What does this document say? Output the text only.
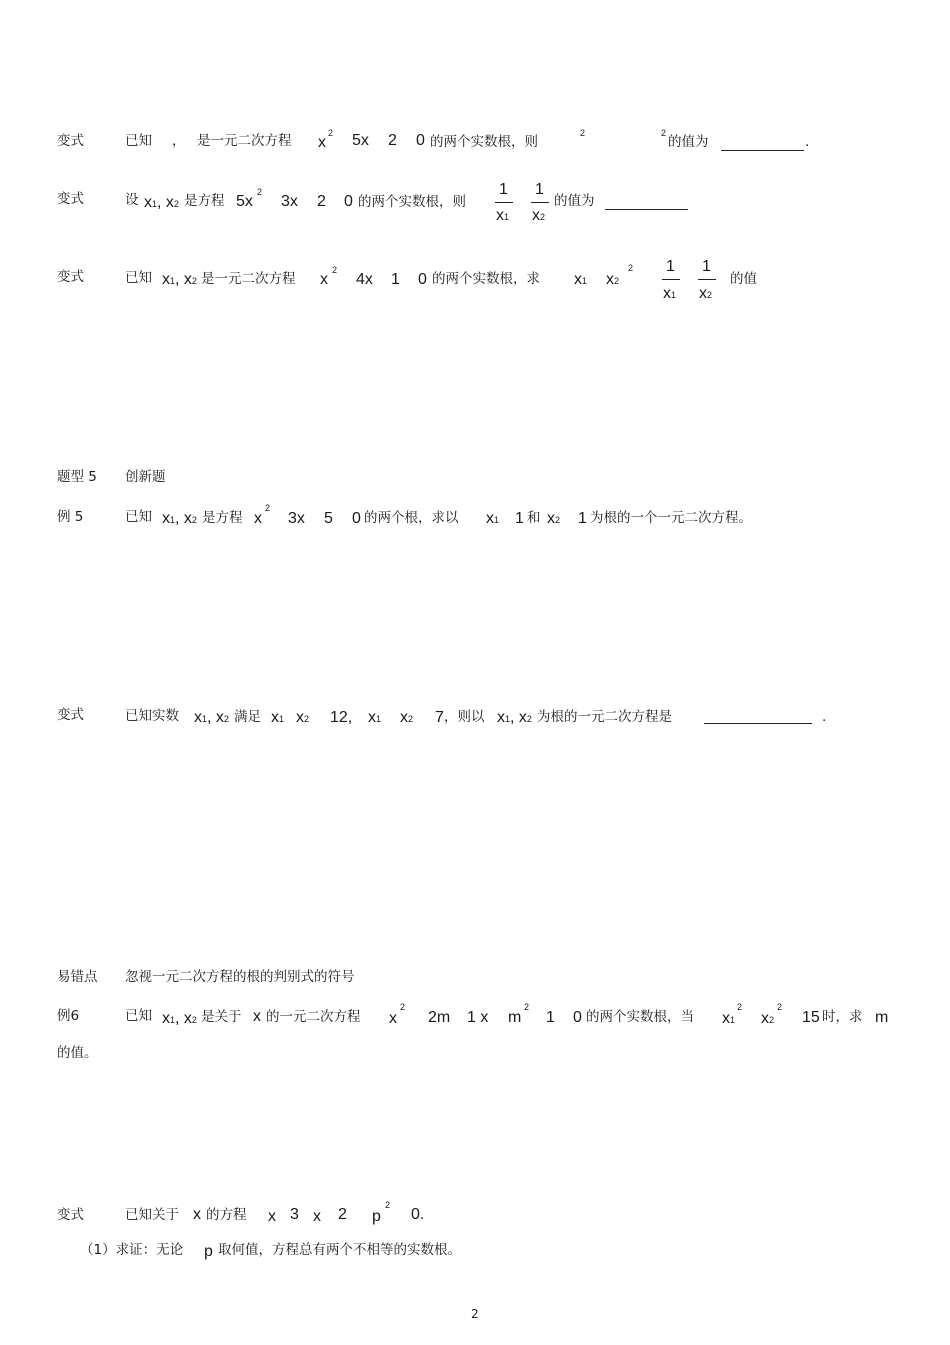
变式	已知 ， 是一元二次方程 x
2 5x 2 0 的两个实数根，则
2	2
的值为	.
变式	设 x1, x2 是方程 5x
2
3x 2 0 的两个实数根，则
1
x1
1
x2
的值为
变式	已知 x1, x2 是一元二次方程 x
2
4x 1 0 的两个实数根，求 x1 x2
2 1
x1
1
x2
的值
题型 5 创新题
例 5	已知 x1, x2 是方程 x
2
3x 5 0 的两个根，求以 x1 1 和 x2 1 为根的一个一元二次方程。
变式	已知实数 x1, x2 满足 x1 x2 12, x1 x2 7 ，则以 x1, x2 为根的一元二次方程是	.
易错点 忽视一元二次方程的根的判别式的符号
例6	已知 x1, x2 是关于 x 的一元二次方程 x
2
2m 1 x m
2
1 0 的两个实数根，当 x1
2
x2
2
15 时，求 m
的值。
变式	已知关于 x 的方程 x 3 x 2 p
2
0.
（1）求证：无论 p 取何值，方程总有两个不相等的实数根。
2
